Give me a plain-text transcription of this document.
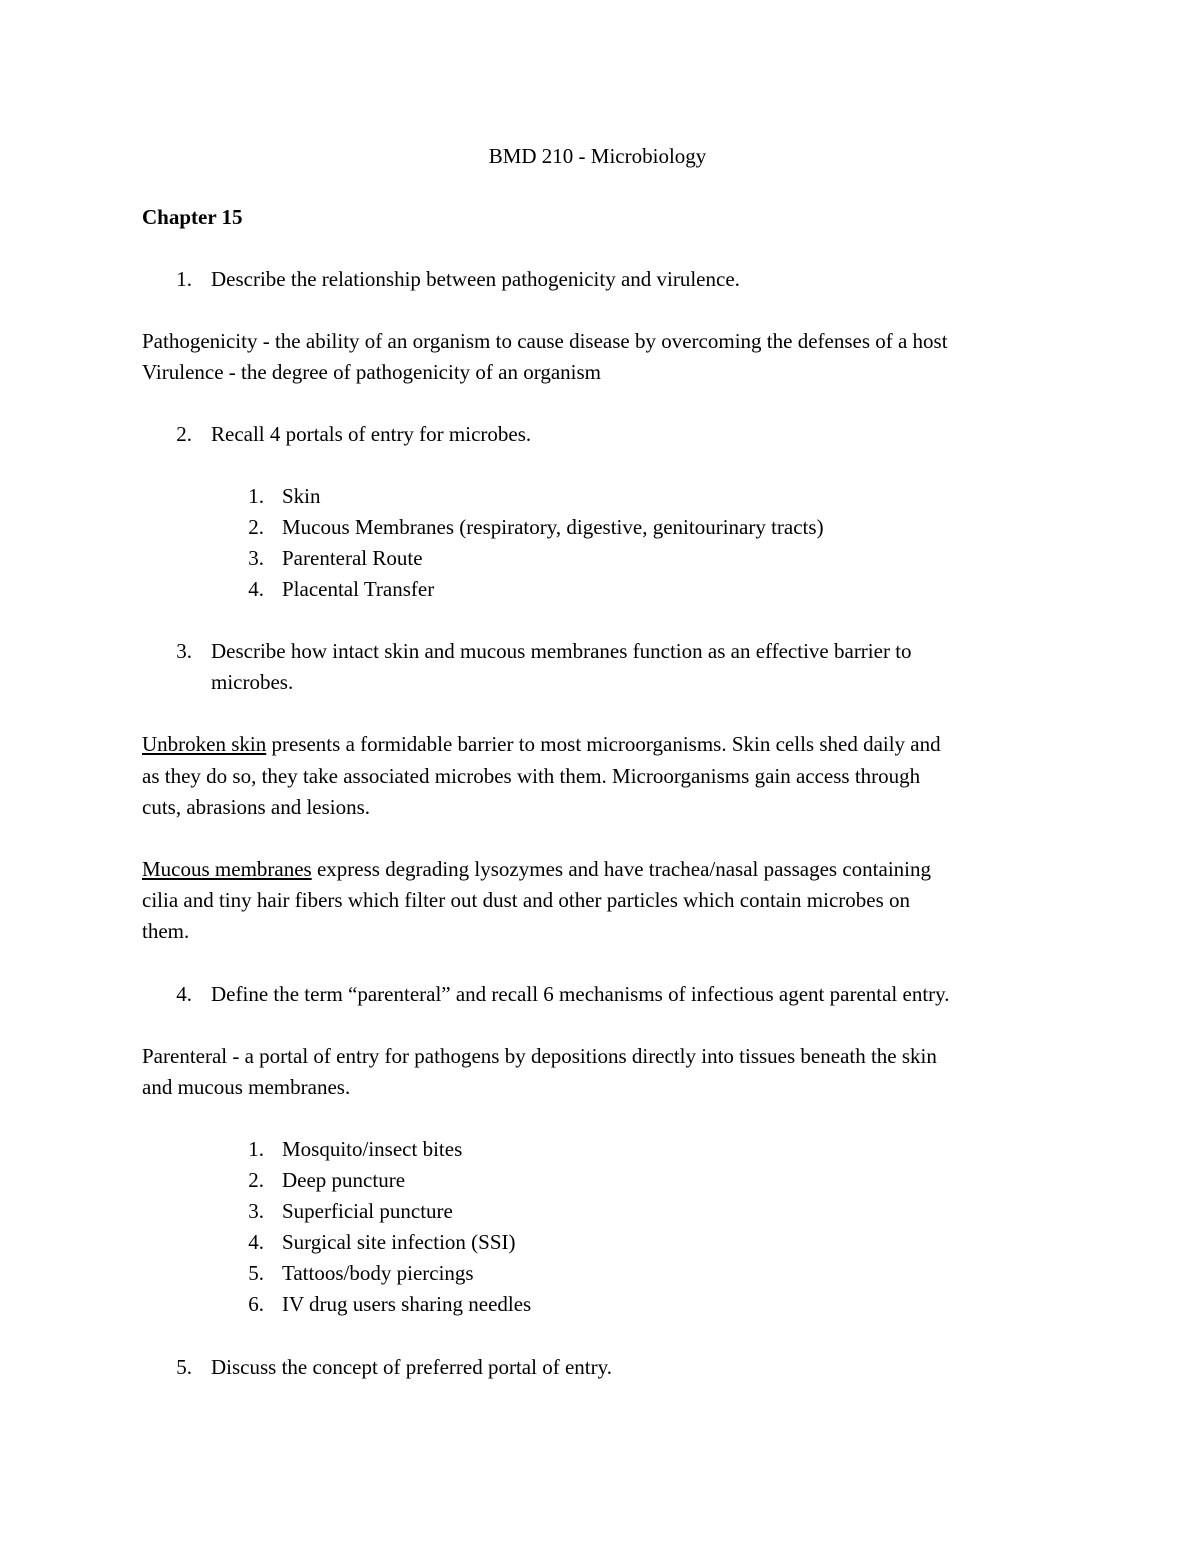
BMD 210 - Microbiology
Chapter 15
1. Describe the relationship between pathogenicity and virulence.
Pathogenicity - the ability of an organism to cause disease by overcoming the defenses of a host
Virulence - the degree of pathogenicity of an organism
2. Recall 4 portals of entry for microbes.
1. Skin
2. Mucous Membranes (respiratory, digestive, genitourinary tracts)
3. Parenteral Route
4. Placental Transfer
3. Describe how intact skin and mucous membranes function as an effective barrier to
microbes.
Unbroken skin presents a formidable barrier to most microorganisms. Skin cells shed daily and
as they do so, they take associated microbes with them. Microorganisms gain access through
cuts, abrasions and lesions.
Mucous membranes express degrading lysozymes and have trachea/nasal passages containing
cilia and tiny hair fibers which filter out dust and other particles which contain microbes on
them.
4. Define the term “parenteral” and recall 6 mechanisms of infectious agent parental entry.
Parenteral - a portal of entry for pathogens by depositions directly into tissues beneath the skin
and mucous membranes.
1. Mosquito/insect bites
2. Deep puncture
3. Superficial puncture
4. Surgical site infection (SSI)
5. Tattoos/body piercings
6. IV drug users sharing needles
5. Discuss the concept of preferred portal of entry.
